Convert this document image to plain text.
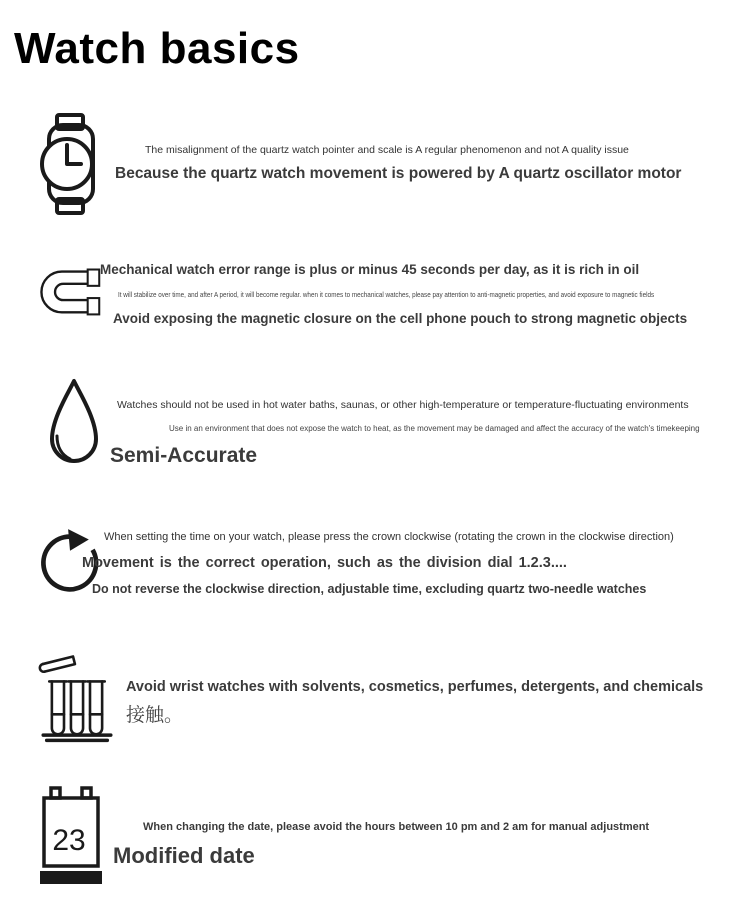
Watch basics
The misalignment of the quartz watch pointer and scale is A regular phenomenon and not A quality issue
Because the quartz watch movement is powered by A quartz oscillator motor
Mechanical watch error range is plus or minus 45 seconds per day, as it is rich in oil
It will stabilize over time, and after A period, it will become regular. when it comes to mechanical watches, please pay attention to anti-magnetic properties, and avoid exposure to magnetic fields
Avoid exposing the magnetic closure on the cell phone pouch to strong magnetic objects
Watches should not be used in hot water baths, saunas, or other high-temperature or temperature-fluctuating environments
Use in an environment that does not expose the watch to heat, as the movement may be damaged and affect the accuracy of the watch's timekeeping
Semi-Accurate
When setting the time on your watch, please press the crown clockwise (rotating the crown in the clockwise direction)
Movement is the correct operation, such as the division dial 1.2.3....
Do not reverse the clockwise direction, adjustable time, excluding quartz two-needle watches
Avoid wrist watches with solvents, cosmetics, perfumes, detergents, and chemicals
接触。
23	When changing the date, please avoid the hours between 10 pm and 2 am for manual adjustment
Modified date
